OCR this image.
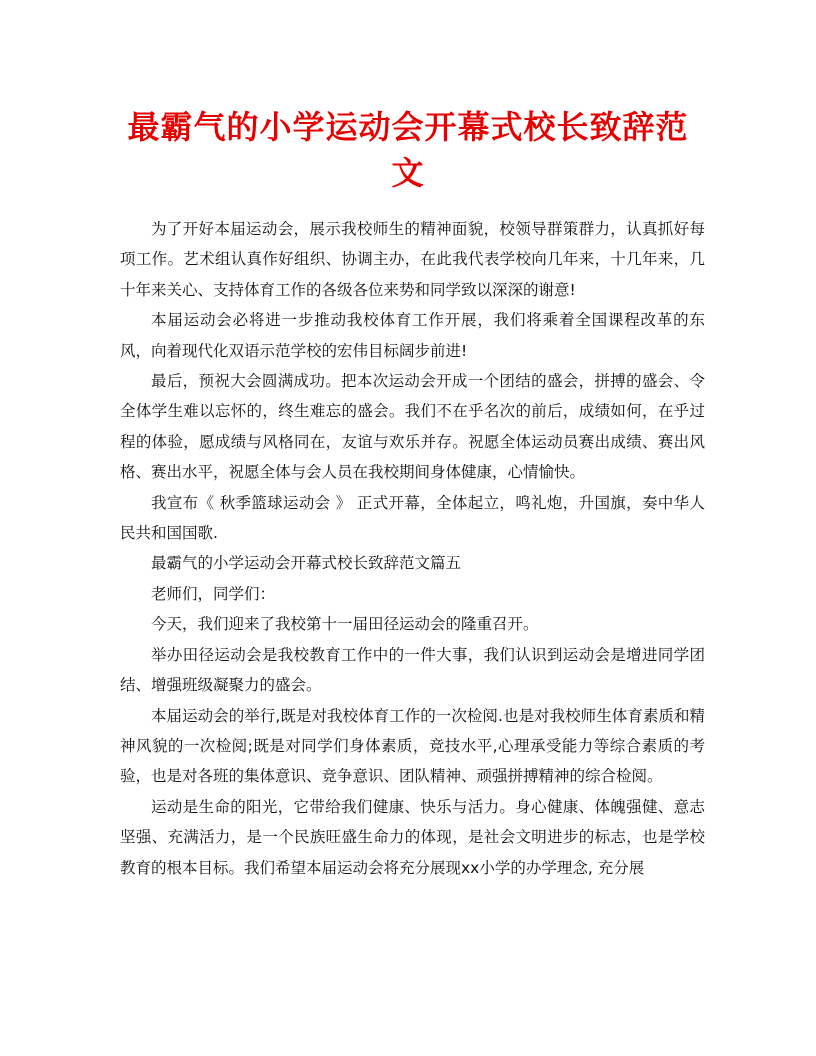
最霸气的小学运动会开幕式校长致辞范文

为了开好本届运动会，展示我校师生的精神面貌，校领导群策群力，认真抓好每项工作。艺术组认真作好组织、协调主办，在此我代表学校向几年来，十几年来，几十年来关心、支持体育工作的各级各位来势和同学致以深深的谢意!

本届运动会必将进一步推动我校体育工作开展，我们将乘着全国课程改革的东风，向着现代化双语示范学校的宏伟目标阔步前进!

最后，预祝大会圆满成功。把本次运动会开成一个团结的盛会，拼搏的盛会、令全体学生难以忘怀的，终生难忘的盛会。我们不在乎名次的前后，成绩如何，在乎过程的体验，愿成绩与风格同在，友谊与欢乐并存。祝愿全体运动员赛出成绩、赛出风格、赛出水平，祝愿全体与会人员在我校期间身体健康，心情愉快。

我宣布《 秋季篮球运动会 》 正式开幕，全体起立，鸣礼炮，升国旗，奏中华人民共和国国歌.

最霸气的小学运动会开幕式校长致辞范文篇五

老师们，同学们：

今天，我们迎来了我校第十一届田径运动会的隆重召开。

举办田径运动会是我校教育工作中的一件大事，我们认识到运动会是增进同学团结、增强班级凝聚力的盛会。

本届运动会的举行,既是对我校体育工作的一次检阅.也是对我校师生体育素质和精神风貌的一次检阅;既是对同学们身体素质，竞技水平,心理承受能力等综合素质的考验，也是对各班的集体意识、竞争意识、团队精神、顽强拼搏精神的综合检阅。

运动是生命的阳光，它带给我们健康、快乐与活力。身心健康、体魄强健、意志坚强、充满活力，是一个民族旺盛生命力的体现，是社会文明进步的标志，也是学校教育的根本目标。我们希望本届运动会将充分展现xx小学的办学理念, 充分展
